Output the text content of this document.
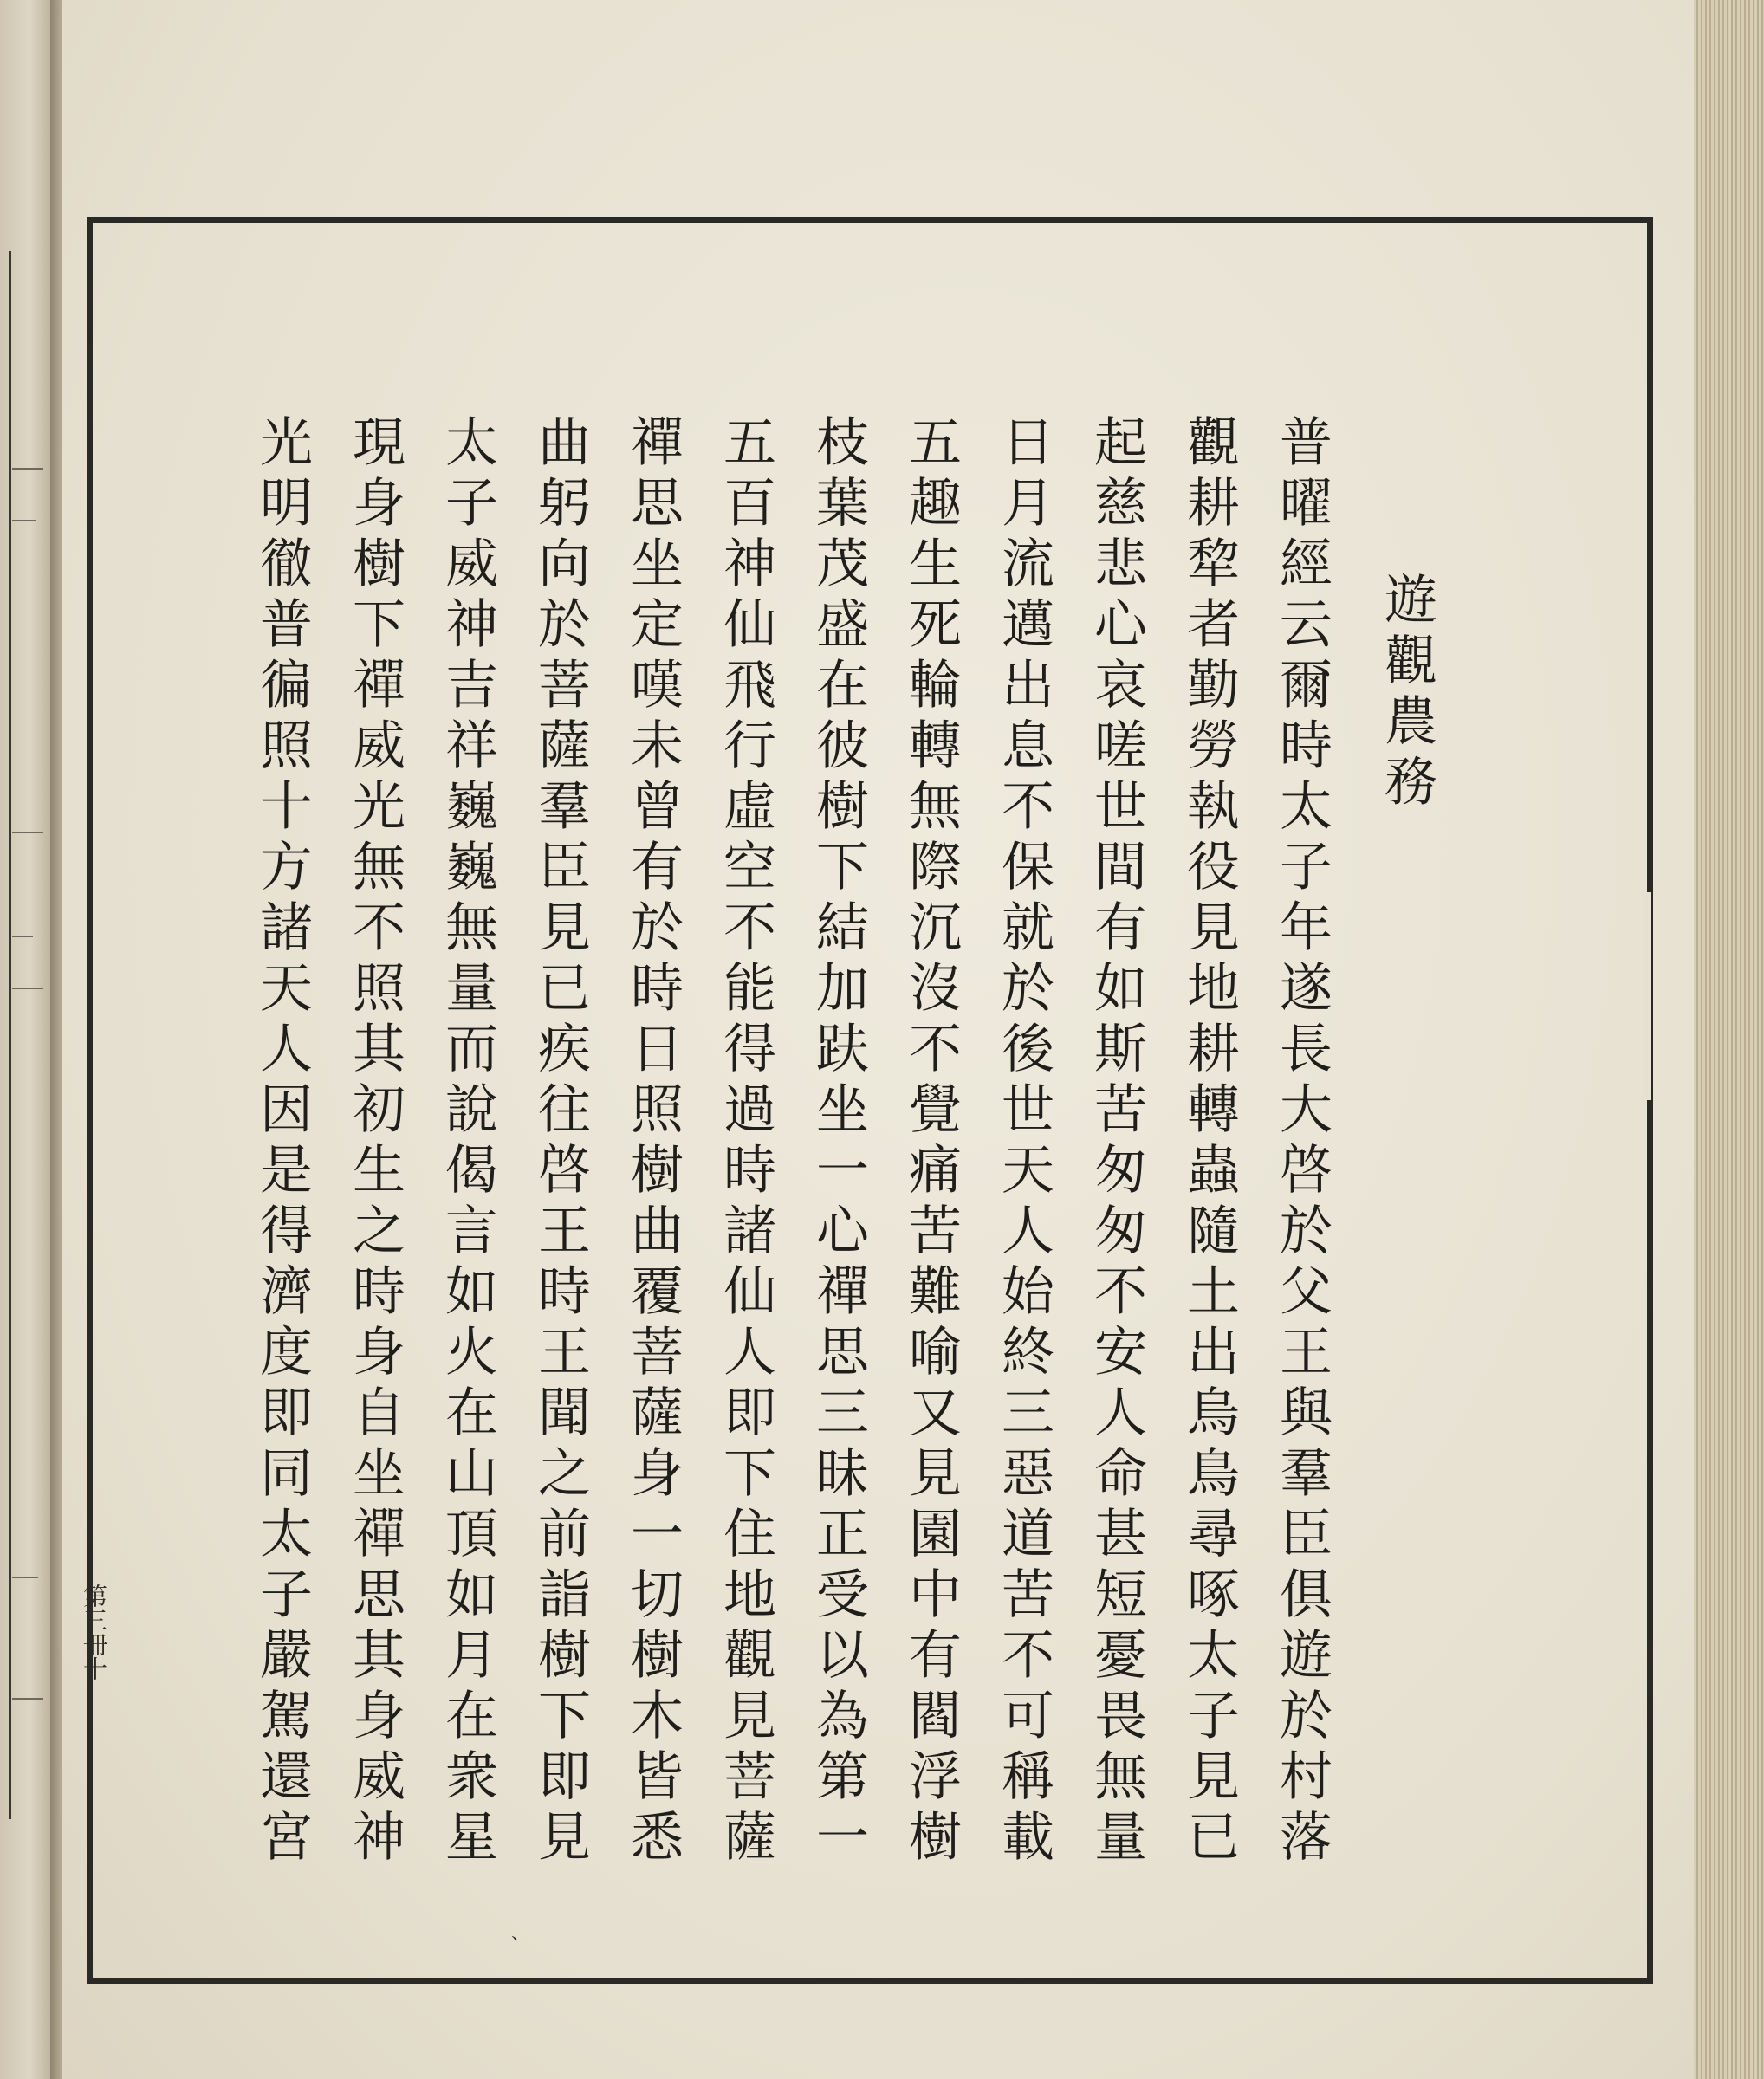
遊觀農務
普曜經云爾時太子年遂長大啓於父王與羣臣俱遊於村落
觀耕犂者勤勞執役見地耕轉蟲隨土出烏鳥尋啄太子見已
起慈悲心哀嗟世間有如斯苦匆匆不安人命甚短憂畏無量
日月流邁出息不保就於後世天人始終三惡道苦不可稱載
五趣生死輪轉無際沉沒不覺痛苦難喻又見園中有閻浮樹
枝葉茂盛在彼樹下結加趺坐一心禪思三昧正受以為第一
五百神仙飛行虛空不能得過時諸仙人即下住地觀見菩薩
禪思坐定嘆未曾有於時日照樹曲覆菩薩身一切樹木皆悉
曲躬向於菩薩羣臣見已疾往啓王時王聞之前詣樹下即見
太子威神吉祥巍巍無量而說偈言如火在山頂如月在衆星
現身樹下禪威光無不照其初生之時身自坐禪思其身威神
光明徹普徧照十方諸天人因是得濟度即同太子嚴駕還宮
第三冊十
、
